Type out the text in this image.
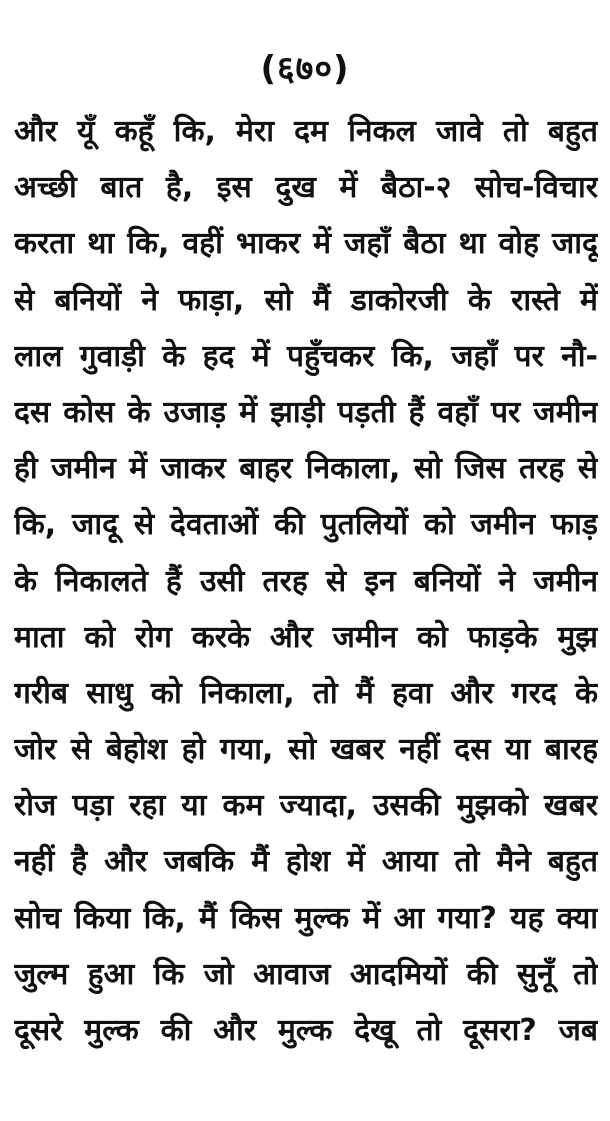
(६७०)
और यूँ कहूँ कि, मेरा दम निकल जावे तो बहुत
अच्छी बात है, इस दुख में बैठा-२ सोच-विचार
करता था कि, वहीं भाकर में जहाँ बैठा था वोह जादू
से बनियों ने फाड़ा, सो मैं डाकोरजी के रास्ते में
लाल गुवाड़ी के हद में पहुँचकर कि, जहाँ पर नौ-
दस कोस के उजाड़ में झाड़ी पड़ती हैं वहाँ पर जमीन
ही जमीन में जाकर बाहर निकाला, सो जिस तरह से
कि, जादू से देवताओं की पुतलियों को जमीन फाड़
के निकालते हैं उसी तरह से इन बनियों ने जमीन
माता को रोग करके और जमीन को फाड़के मुझ
गरीब साधु को निकाला, तो मैं हवा और गरद के
जोर से बेहोश हो गया, सो खबर नहीं दस या बारह
रोज पड़ा रहा या कम ज्यादा, उसकी मुझको खबर
नहीं है और जबकि मैं होश में आया तो मैने बहुत
सोच किया कि, मैं किस मुल्क में आ गया? यह क्या
जुल्म हुआ कि जो आवाज आदमियों की सुनूँ तो
दूसरे मुल्क की और मुल्क देखू तो दूसरा? जब
